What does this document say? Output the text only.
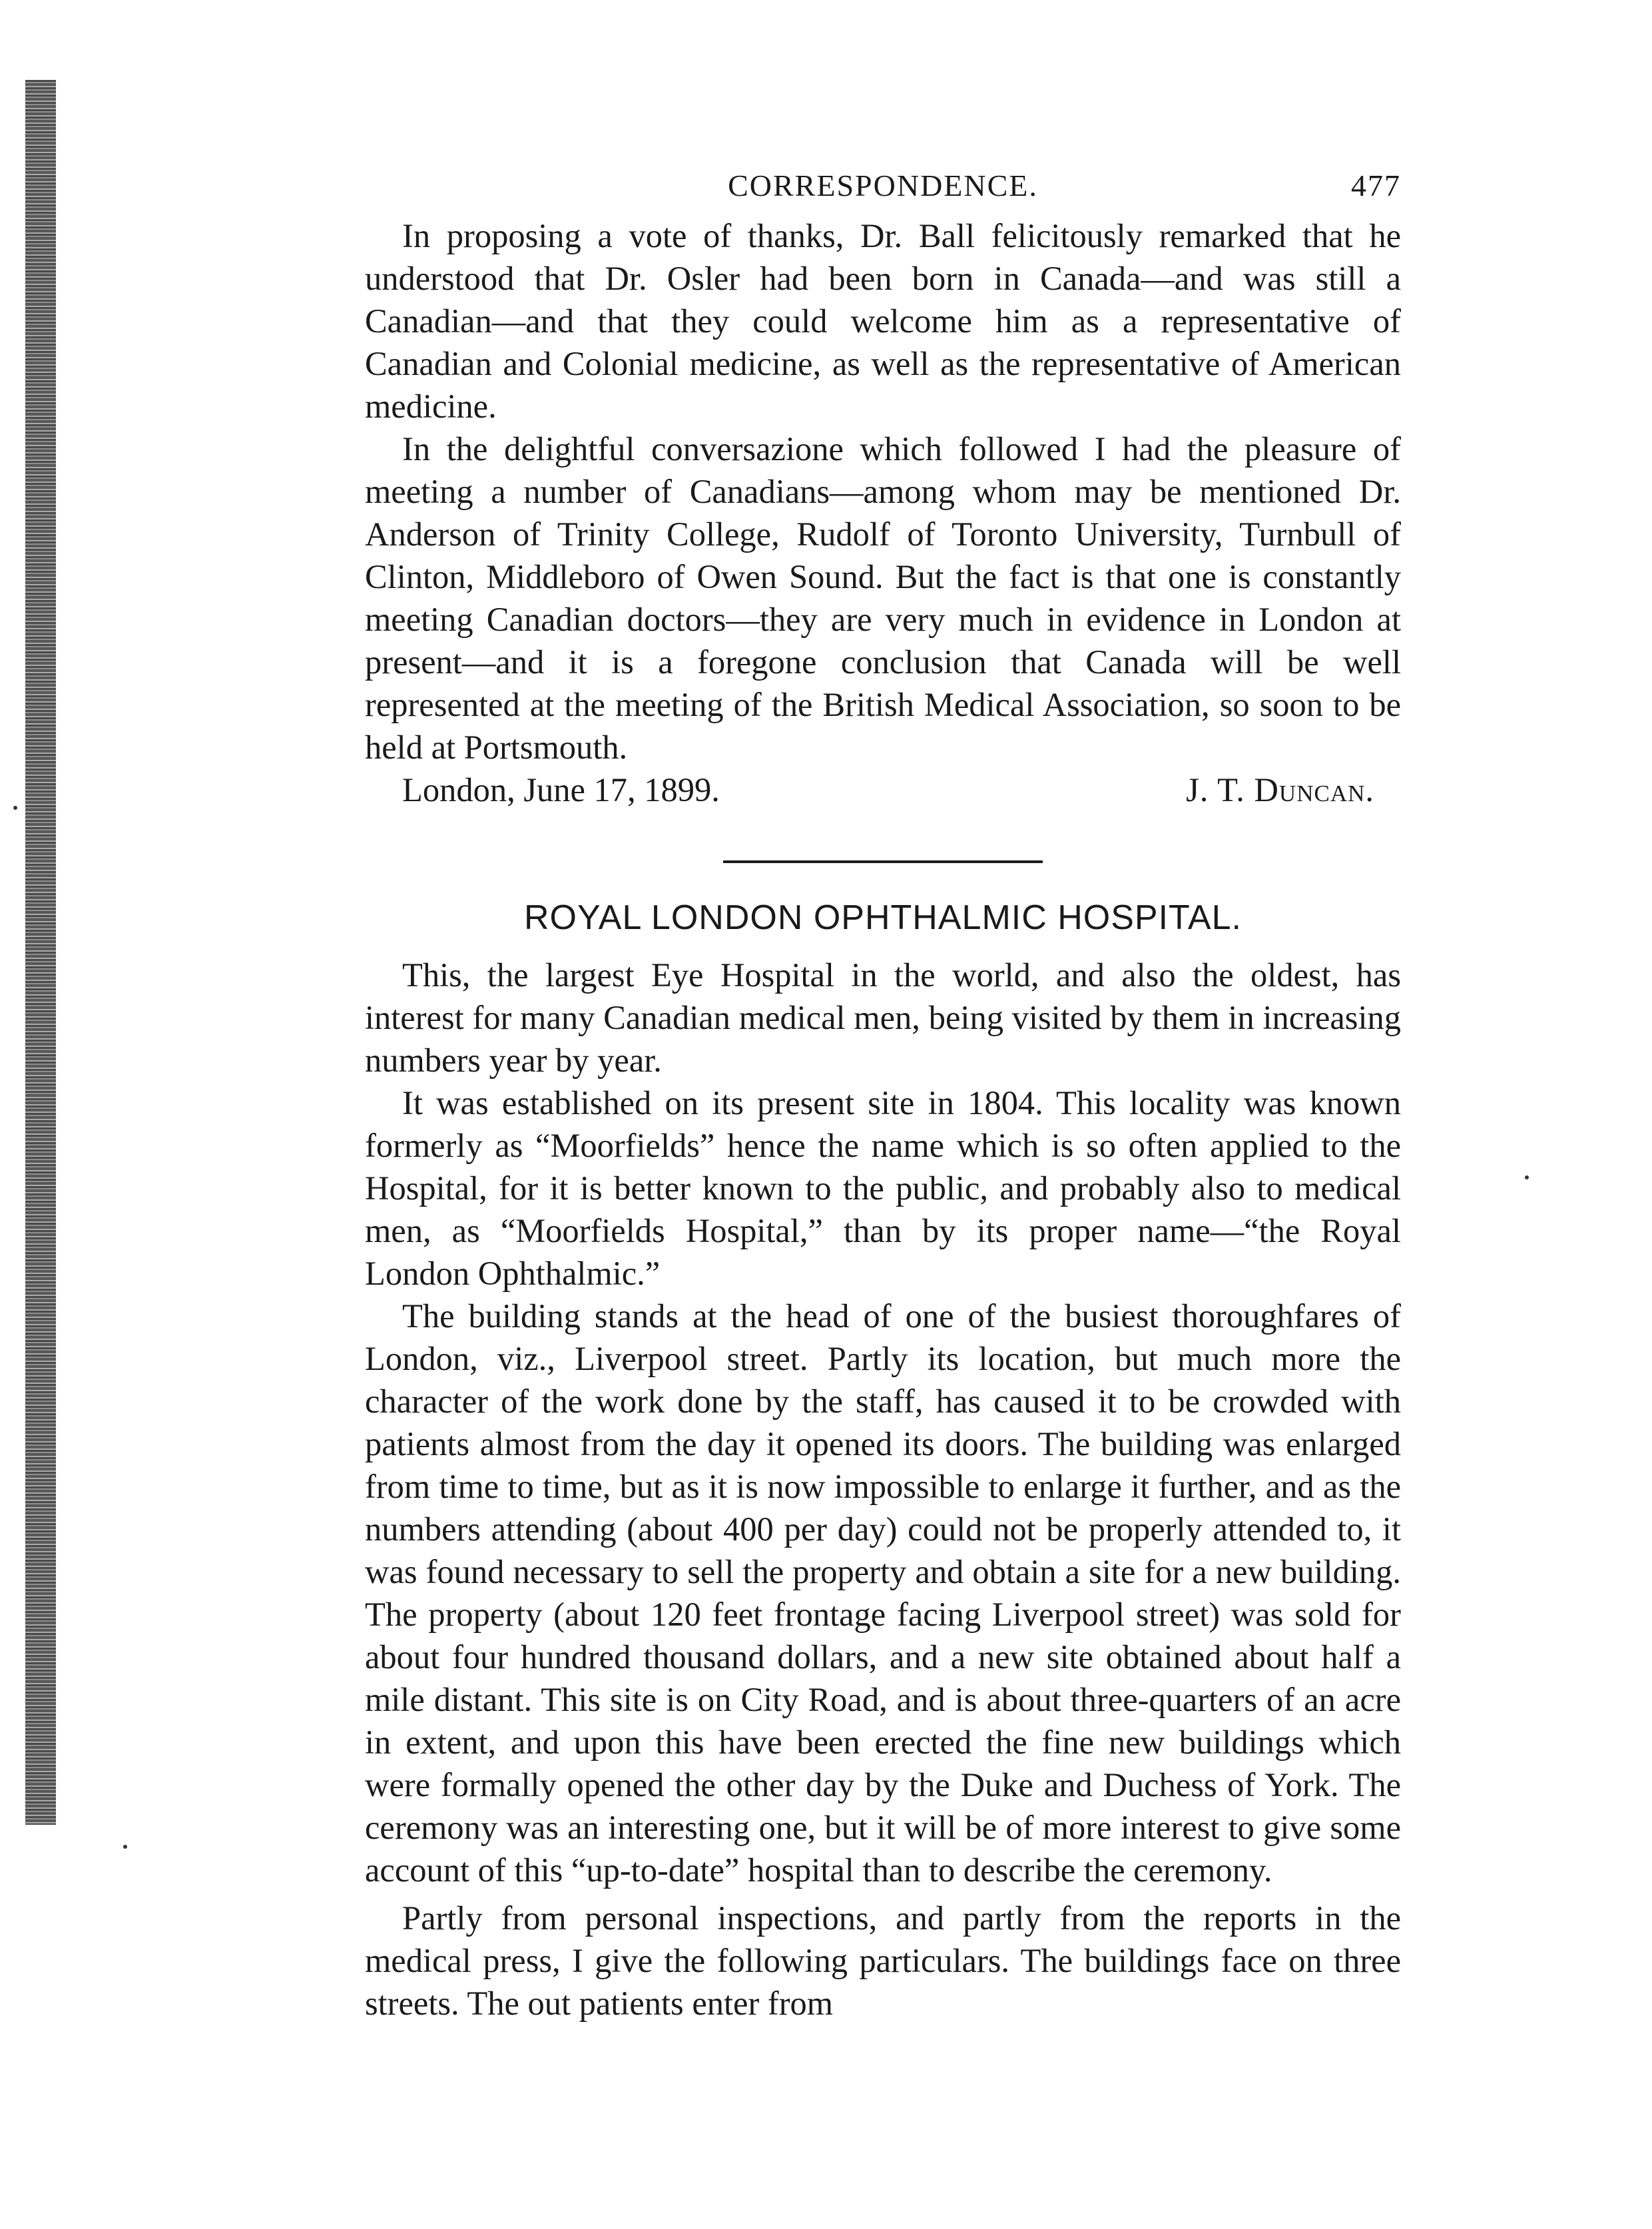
CORRESPONDENCE.	477

In proposing a vote of thanks, Dr. Ball felicitously remarked that he understood that Dr. Osler had been born in Canada—and was still a Canadian—and that they could welcome him as a representative of Canadian and Colonial medicine, as well as the representative of American medicine.

In the delightful conversazione which followed I had the pleasure of meeting a number of Canadians—among whom may be mentioned Dr. Anderson of Trinity College, Rudolf of Toronto University, Turnbull of Clinton, Middleboro of Owen Sound. But the fact is that one is constantly meeting Canadian doctors—they are very much in evidence in London at present—and it is a foregone conclusion that Canada will be well represented at the meeting of the British Medical Association, so soon to be held at Portsmouth.

London, June 17, 1899.	J. T. Duncan.
ROYAL LONDON OPHTHALMIC HOSPITAL.

This, the largest Eye Hospital in the world, and also the oldest, has interest for many Canadian medical men, being visited by them in increasing numbers year by year.

It was established on its present site in 1804. This locality was known formerly as “Moorfields” hence the name which is so often applied to the Hospital, for it is better known to the public, and probably also to medical men, as “Moorfields Hospital,” than by its proper name—“the Royal London Ophthalmic.”

The building stands at the head of one of the busiest thoroughfares of London, viz., Liverpool street. Partly its location, but much more the character of the work done by the staff, has caused it to be crowded with patients almost from the day it opened its doors. The building was enlarged from time to time, but as it is now impossible to enlarge it further, and as the numbers attending (about 400 per day) could not be properly attended to, it was found necessary to sell the property and obtain a site for a new building. The property (about 120 feet frontage facing Liverpool street) was sold for about four hundred thousand dollars, and a new site obtained about half a mile distant. This site is on City Road, and is about three-quarters of an acre in extent, and upon this have been erected the fine new buildings which were formally opened the other day by the Duke and Duchess of York. The ceremony was an interesting one, but it will be of more interest to give some account of this “up-to-date” hospital than to describe the ceremony.

Partly from personal inspections, and partly from the reports in the medical press, I give the following particulars. The buildings face on three streets. The out patients enter from
